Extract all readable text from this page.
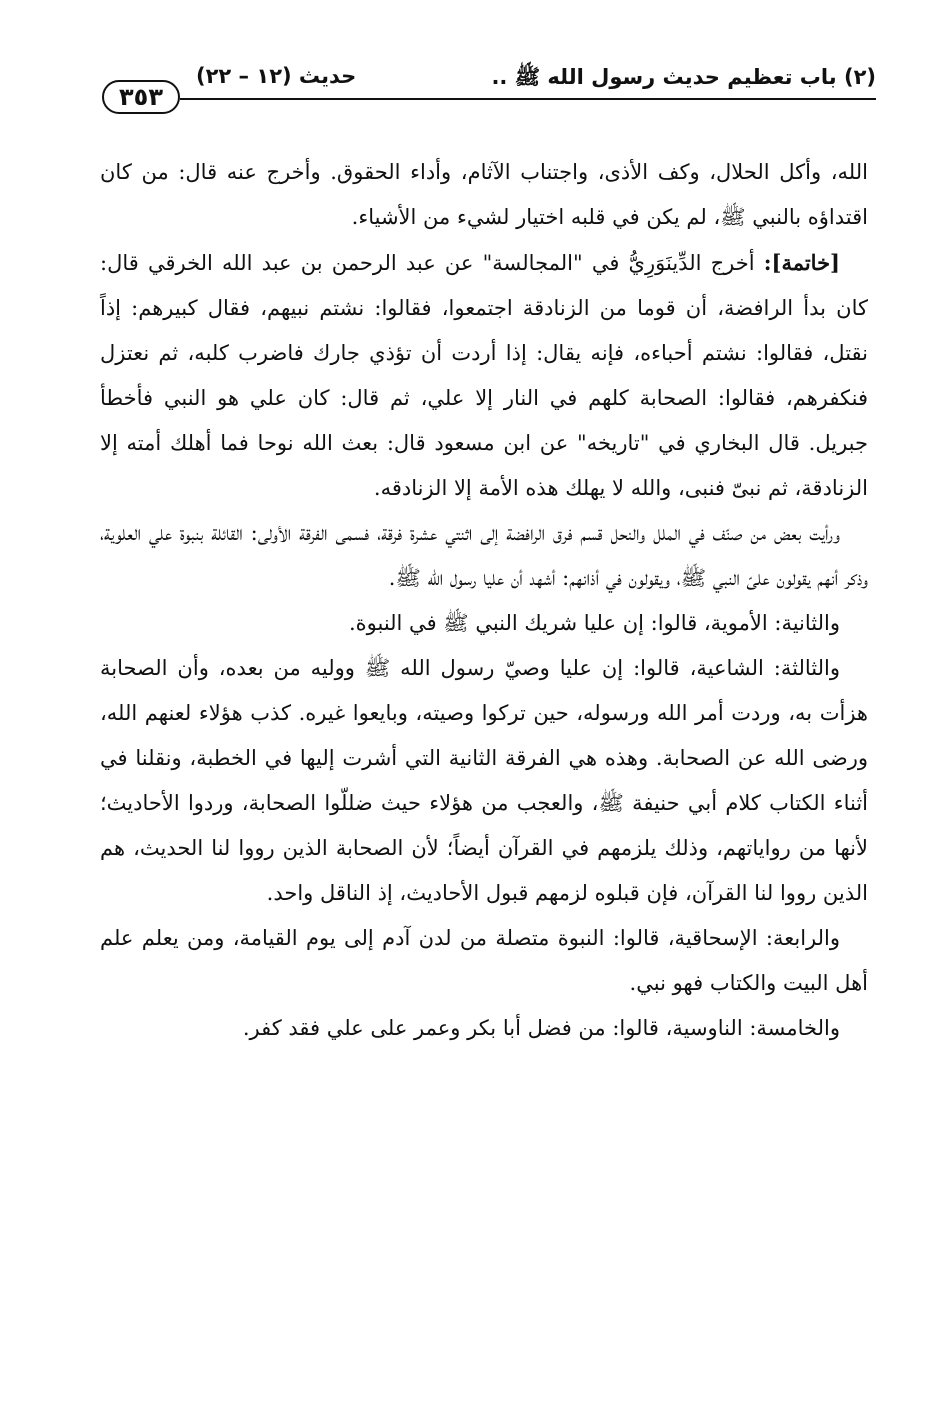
٣٥٣
حديث (١٢ – ٢٢)	(٢) باب تعظيم حديث رسول الله ﷺ ..

الله، وأكل الحلال، وكف الأذى، واجتناب الآثام، وأداء الحقوق. وأخرج عنه قال: من كان اقتداؤه بالنبي ﷺ، لم يكن في قلبه اختيار لشيء من الأشياء.

[خاتمة]: أخرج الدِّينَوَرِيُّ في "المجالسة" عن عبد الرحمن بن عبد الله الخرقي قال: كان بدأ الرافضة، أن قوما من الزنادقة اجتمعوا، فقالوا: نشتم نبيهم، فقال كبيرهم: إذاً نقتل، فقالوا: نشتم أحباءه، فإنه يقال: إذا أردت أن تؤذي جارك فاضرب كلبه، ثم نعتزل فنكفرهم، فقالوا: الصحابة كلهم في النار إلا علي، ثم قال: كان علي هو النبي فأخطأ جبريل. قال البخاري في "تاريخه" عن ابن مسعود قال: بعث الله نوحا فما أهلك أمته إلا الزنادقة، ثم نبىّ فنبى، والله لا يهلك هذه الأمة إلا الزنادقه.

ورأيت بعض من صنّف في الملل والنحل قسم فرق الرافضة إلى اثنتي عشرة فرقة، فسمى الفرقة الأولى: القائلة بنبوة علي العلوية، وذكر أنهم يقولون علىّ النبي ﷺ، ويقولون في أذانهم: أشهد أن عليا رسول الله ﷺ.

والثانية: الأموية، قالوا: إن عليا شريك النبي ﷺ في النبوة.

والثالثة: الشاعية، قالوا: إن عليا وصيّ رسول الله ﷺ ووليه من بعده، وأن الصحابة هزأت به، وردت أمر الله ورسوله، حين تركوا وصيته، وبايعوا غيره. كذب هؤلاء لعنهم الله، ورضى الله عن الصحابة. وهذه هي الفرقة الثانية التي أشرت إليها في الخطبة، ونقلنا في أثناء الكتاب كلام أبي حنيفة ﷺ، والعجب من هؤلاء حيث ضللّوا الصحابة، وردوا الأحاديث؛ لأنها من رواياتهم، وذلك يلزمهم في القرآن أيضاً؛ لأن الصحابة الذين رووا لنا الحديث، هم الذين رووا لنا القرآن، فإن قبلوه لزمهم قبول الأحاديث، إذ الناقل واحد.

والرابعة: الإسحاقية، قالوا: النبوة متصلة من لدن آدم إلى يوم القيامة، ومن يعلم علم أهل البيت والكتاب فهو نبي.

والخامسة: الناوسية، قالوا: من فضل أبا بكر وعمر على علي فقد كفر.
